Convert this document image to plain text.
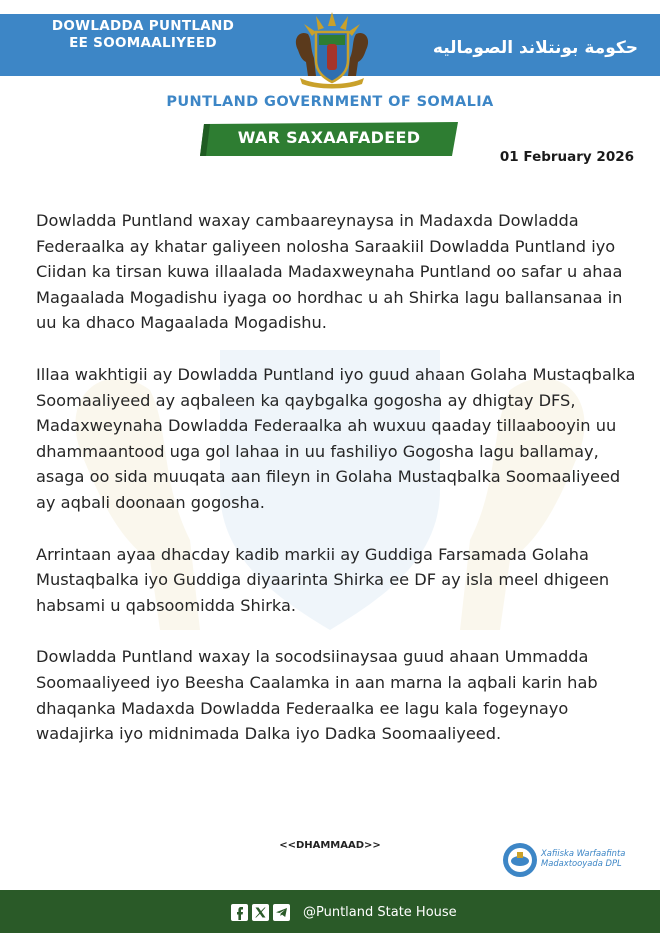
DOWLADDA PUNTLAND
EE SOOMAALIYEED	حكومة بونتلاند الصوماليه
PUNTLAND GOVERNMENT OF SOMALIA
WAR SAXAAFADEED
01 February 2026

Dowladda Puntland waxay cambaareynaysa in Madaxda Dowladda Federaalka ay khatar galiyeen nolosha Saraakiil Dowladda Puntland iyo Ciidan ka tirsan kuwa illaalada Madaxweynaha Puntland oo safar u ahaa Magaalada Mogadishu iyaga oo hordhac u ah Shirka lagu ballansanaa in uu ka dhaco Magaalada Mogadishu.

Illaa wakhtigii ay Dowladda Puntland iyo guud ahaan Golaha Mustaqbalka Soomaaliyeed ay aqbaleen ka qaybgalka gogosha ay dhigtay DFS, Madaxweynaha Dowladda Federaalka ah wuxuu qaaday tillaabooyin uu dhammaantood uga gol lahaa in uu fashiliyo Gogosha lagu ballamay, asaga oo sida muuqata aan fileyn in Golaha Mustaqbalka Soomaaliyeed ay aqbali doonaan gogosha.

Arrintaan ayaa dhacday kadib markii ay Guddiga Farsamada Golaha Mustaqbalka iyo Guddiga diyaarinta Shirka ee DF ay isla meel dhigeen habsami u qabsoomidda Shirka.

Dowladda Puntland waxay la socodsiinaysaa guud ahaan Ummadda Soomaaliyeed iyo Beesha Caalamka in aan marna la aqbali karin hab dhaqanka Madaxda Dowladda Federaalka ee lagu kala fogeynayo wadajirka iyo midnimada Dalka iyo Dadka Soomaaliyeed.

<<DHAMMAAD>>
Xafiiska Warfaafinta
Madaxtooyada DPL
@Puntland State House
